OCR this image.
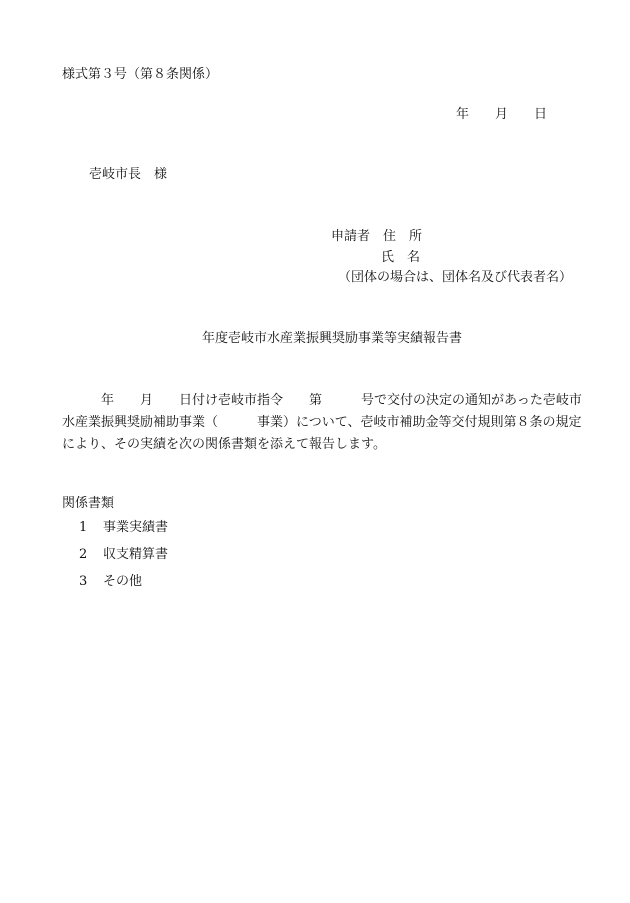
様式第３号（第８条関係）
年　　月　　日
壱岐市長　様
申請者　住　所
氏　名
（団体の場合は、団体名及び代表者名）
年度壱岐市水産業振興奨励事業等実績報告書
　　　年　　月　　日付け壱岐市指令　　第　　　号で交付の決定の通知があった壱岐市
水産業振興奨励補助事業（　　　事業）について、壱岐市補助金等交付規則第８条の規定
により、その実績を次の関係書類を添えて報告します。
関係書類
1 事業実績書
2 収支精算書
3 その他
